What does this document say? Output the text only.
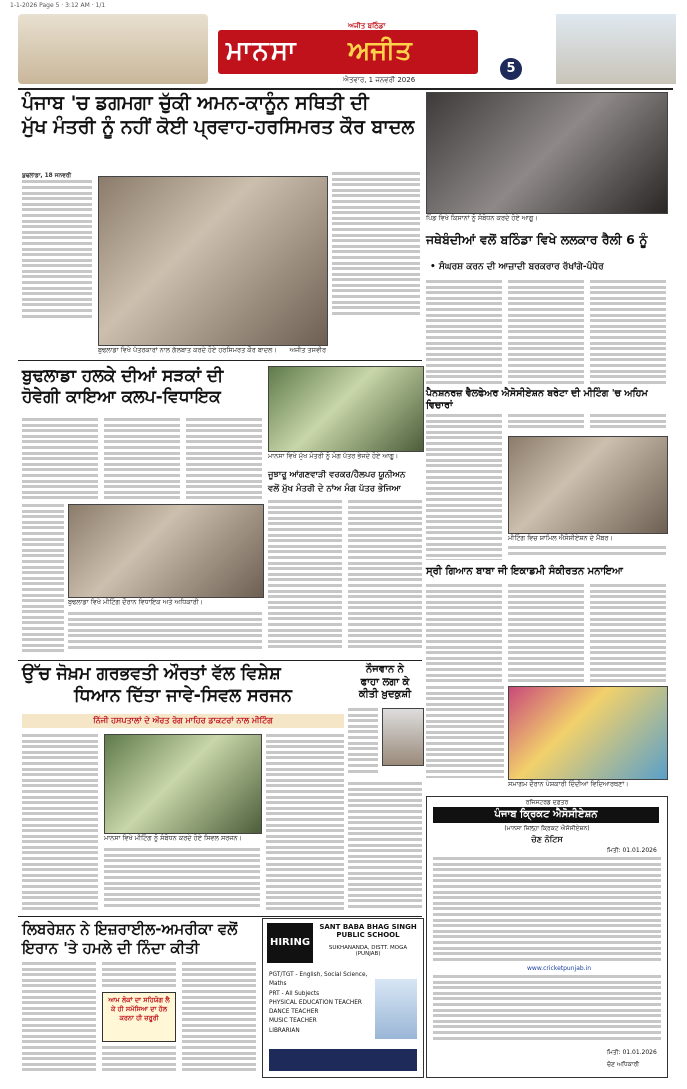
1-1-2026 Page 5 · 3:12 AM · 1/1
ਮਾਨਸਾ ਅਜੀਤ
ਅਜੀਤ ਬਠਿੰਡਾ
ਐਤਵਾਰ, 1 ਜਨਵਰੀ 2026
5
ਪੰਜਾਬ 'ਚ ਡਗਮਗਾ ਚੁੱਕੀ ਅਮਨ-ਕਾਨੂੰਨ ਸਥਿਤੀ ਦੀ
ਮੁੱਖ ਮੰਤਰੀ ਨੂੰ ਨਹੀਂ ਕੋਈ ਪ੍ਰਵਾਹ-ਹਰਸਿਮਰਤ ਕੌਰ ਬਾਦਲ
ਬੁਢਲਾਡਾ, 18 ਜਨਵਰੀ
ਬੁਢਲਾਡਾ ਵਿਖੇ ਪੱਤਰਕਾਰਾਂ ਨਾਲ ਗੱਲਬਾਤ ਕਰਦੇ ਹੋਏ ਹਰਸਿਮਰਤ ਕੌਰ ਬਾਦਲ।	ਅਜੀਤ ਤਸਵੀਰ
ਪਿੰਡ ਵਿਖੇ ਕਿਸਾਨਾਂ ਨੂੰ ਸੰਬੋਧਨ ਕਰਦੇ ਹੋਏ ਆਗੂ।
ਜਥੇਬੰਦੀਆਂ ਵਲੋਂ ਬਠਿੰਡਾ ਵਿਖੇ ਲਲਕਾਰ ਰੈਲੀ 6 ਨੂੰ
• ਸੰਘਰਸ਼ ਕਰਨ ਦੀ ਆਜ਼ਾਦੀ ਬਰਕਰਾਰ ਰੱਖਾਂਗੇ-ਪੰਧੇਰ
ਪੈਨਸ਼ਨਰਜ਼ ਵੈਲਫੇਅਰ ਐਸੋਸੀਏਸ਼ਨ ਬਰੇਟਾ ਦੀ ਮੀਟਿੰਗ 'ਚ ਅਹਿਮ ਵਿਚਾਰਾਂ
ਬੁਢਲਾਡਾ ਹਲਕੇ ਦੀਆਂ ਸੜਕਾਂ ਦੀ
ਹੋਵੇਗੀ ਕਾਇਆ ਕਲਪ-ਵਿਧਾਇਕ
ਬੁਢਲਾਡਾ ਵਿਖੇ ਮੀਟਿੰਗ ਦੌਰਾਨ ਵਿਧਾਇਕ ਅਤੇ ਅਧਿਕਾਰੀ।
ਮਾਨਸਾ ਵਿਖੇ ਮੁੱਖ ਮੰਤਰੀ ਨੂੰ ਮੰਗ ਪੱਤਰ ਭੇਜਦੇ ਹੋਏ ਆਗੂ।
ਜੂਝਾਰੂ ਆਂਗਣਵਾੜੀ ਵਰਕਰ/ਹੈਲਪਰ ਯੂਨੀਅਨ
ਵਲੋਂ ਮੁੱਖ ਮੰਤਰੀ ਦੇ ਨਾਂਅ ਮੰਗ ਪੱਤਰ ਭੇਜਿਆ
ਮੀਟਿੰਗ ਵਿਚ ਸ਼ਾਮਿਲ ਐਸੋਸੀਏਸ਼ਨ ਦੇ ਮੈਂਬਰ।
ਸ੍ਰੀ ਗਿਆਨ ਬਾਬਾ ਜੀ ਇਕਾਡਮੀ ਸੰਕੀਰਤਨ ਮਨਾਇਆ
ਸਮਾਗਮ ਦੌਰਾਨ ਪੇਸ਼ਕਾਰੀ ਦਿੰਦੀਆਂ ਵਿਦਿਆਰਥਣਾਂ।
ਉੱਚ ਜੋਖ਼ਮ ਗਰਭਵਤੀ ਔਰਤਾਂ ਵੱਲ ਵਿਸ਼ੇਸ਼
ਧਿਆਨ ਦਿੱਤਾ ਜਾਵੇ-ਸਿਵਲ ਸਰਜਨ
ਨਿੱਜੀ ਹਸਪਤਾਲਾਂ ਦੇ ਔਰਤ ਰੋਗ ਮਾਹਿਰ ਡਾਕਟਰਾਂ ਨਾਲ ਮੀਟਿੰਗ
ਮਾਨਸਾ ਵਿਖੇ ਮੀਟਿੰਗ ਨੂੰ ਸੰਬੋਧਨ ਕਰਦੇ ਹੋਏ ਸਿਵਲ ਸਰਜਨ।
ਨੌਜਵਾਨ ਨੇ
ਫਾਹਾ ਲਗਾ ਕੇ
ਕੀਤੀ ਖ਼ੁਦਕੁਸ਼ੀ
ਰਜਿਸਟਰਡ ਦਫ਼ਤਰ
ਪੰਜਾਬ ਕ੍ਰਿਕਟ ਐਸੋਸੀਏਸ਼ਨ
(ਮਾਨਸਾ ਜ਼ਿਲ੍ਹਾ ਕ੍ਰਿਕਟ ਐਸੋਸੀਏਸ਼ਨ)
ਚੋਣ ਨੋਟਿਸ
ਮਿਤੀ: 01.01.2026
www.cricketpunjab.in
ਮਿਤੀ: 01.01.2026
ਚੋਣ ਅਧਿਕਾਰੀ
ਲਿਬਰੇਸ਼ਨ ਨੇ ਇਜ਼ਰਾਈਲ-ਅਮਰੀਕਾ ਵਲੋਂ
ਇਰਾਨ 'ਤੇ ਹਮਲੇ ਦੀ ਨਿੰਦਾ ਕੀਤੀ
ਆਮ ਲੋਕਾਂ ਦਾ ਸਹਿਯੋਗ ਲੈ ਕੇ ਹੀ ਸਮੱਸਿਆ ਦਾ ਹੱਲ ਕਰਨਾ ਹੀ ਜ਼ਰੂਰੀ
HIRING
SANT BABA BHAG SINGH PUBLIC SCHOOL
SUKHANANDA, DISTT. MOGA (PUNJAB)
PGT/TGT - English, Social Science, Maths
PRT - All Subjects
PHYSICAL EDUCATION TEACHER
DANCE TEACHER
MUSIC TEACHER
LIBRARIAN
